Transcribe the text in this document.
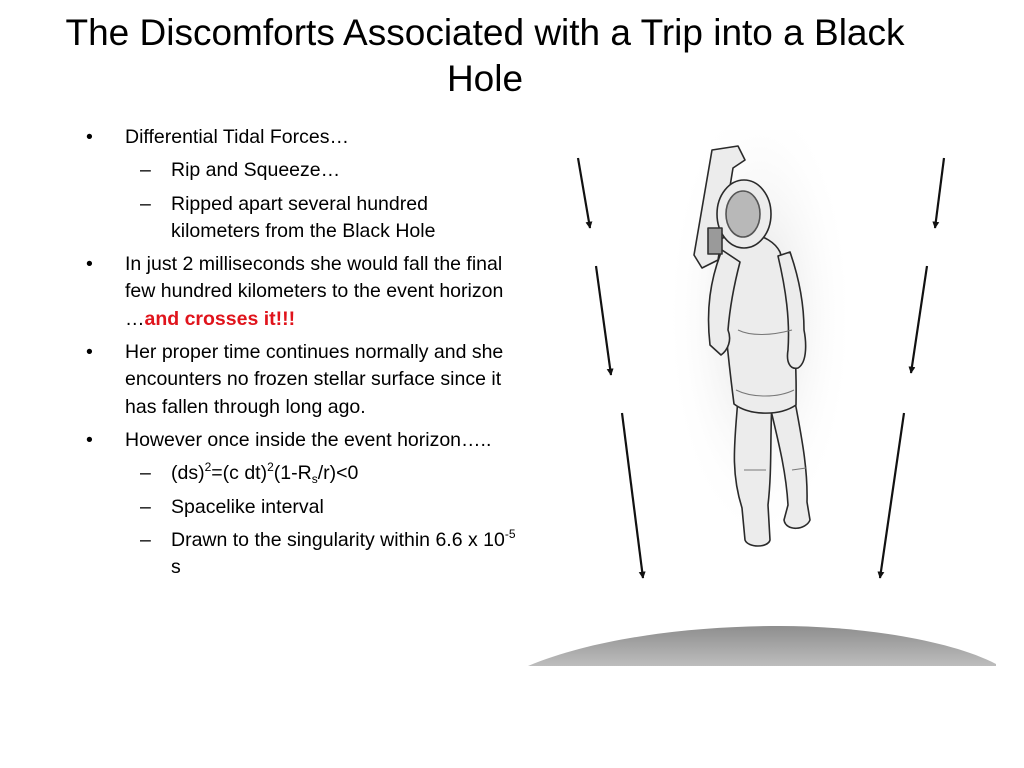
The Discomforts Associated with a Trip into a Black Hole
• Differential Tidal Forces…
– Rip and Squeeze…
– Ripped apart several hundred kilometers from the Black Hole
• In just 2 milliseconds she would fall the final few hundred kilometers to the event horizon …and crosses it!!!
• Her proper time continues normally and she encounters no frozen stellar surface since it has fallen through long ago.
• However once inside the event horizon…..
– (ds)$^2$=(c $dt)^2(1-R_s/r)<0$
– Spacelike interval
– Drawn to the singularity within 6.6 x $10^{-5}$ s
